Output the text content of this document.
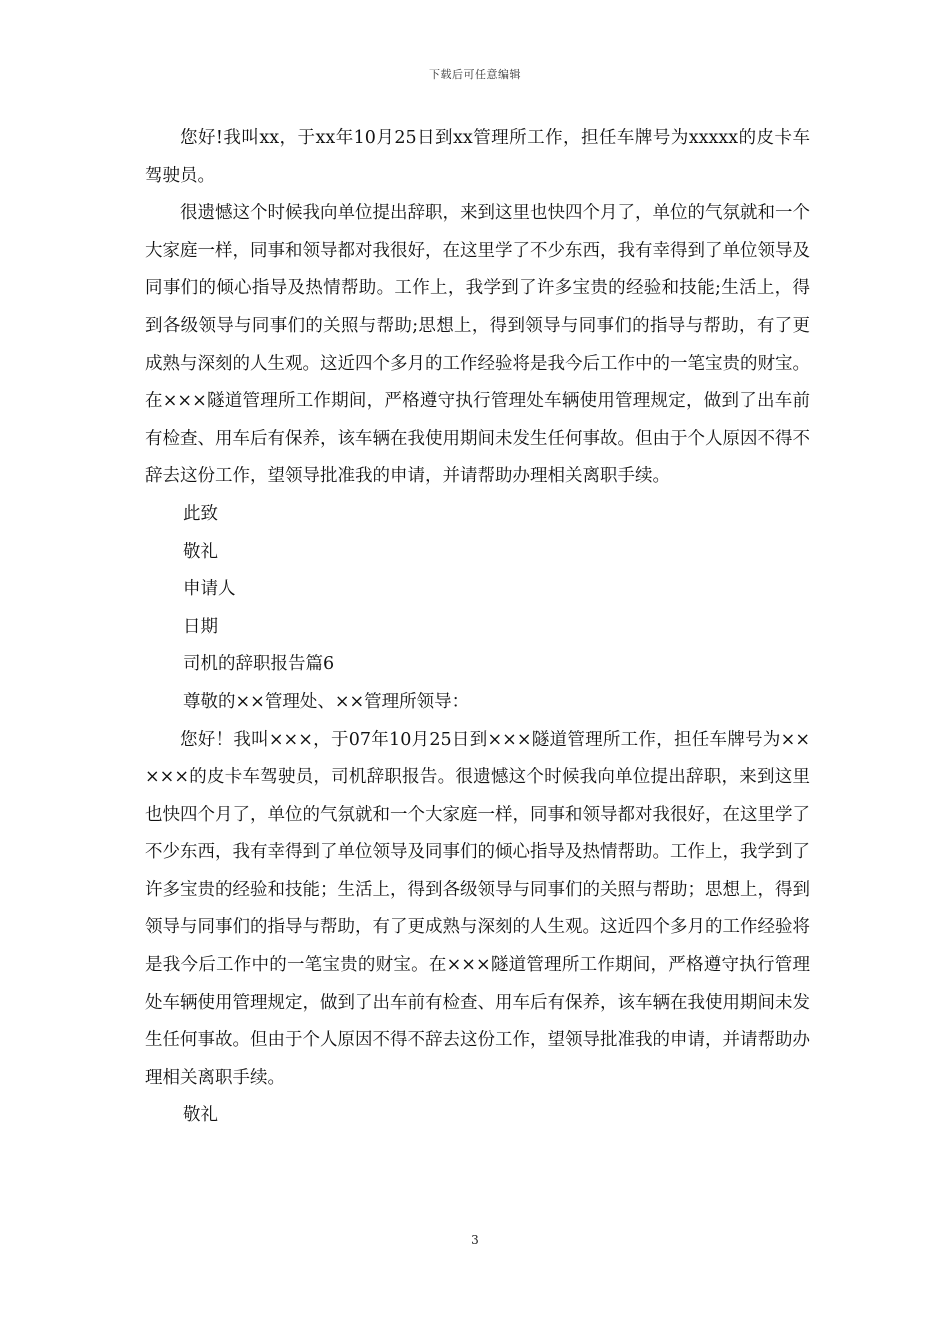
下载后可任意编辑

您好!我叫xx，于xx年10月25日到xx管理所工作，担任车牌号为xxxxx的皮卡车驾驶员。

很遗憾这个时候我向单位提出辞职，来到这里也快四个月了，单位的气氛就和一个大家庭一样，同事和领导都对我很好，在这里学了不少东西，我有幸得到了单位领导及同事们的倾心指导及热情帮助。工作上，我学到了许多宝贵的经验和技能;生活上，得到各级领导与同事们的关照与帮助;思想上，得到领导与同事们的指导与帮助，有了更成熟与深刻的人生观。这近四个多月的工作经验将是我今后工作中的一笔宝贵的财宝。在×××隧道管理所工作期间，严格遵守执行管理处车辆使用管理规定，做到了出车前有检查、用车后有保养，该车辆在我使用期间未发生任何事故。但由于个人原因不得不辞去这份工作，望领导批准我的申请，并请帮助办理相关离职手续。

此致

敬礼

申请人

日期

司机的辞职报告篇6

尊敬的××管理处、××管理所领导：

您好！我叫×××，于07年10月25日到×××隧道管理所工作，担任车牌号为×××××的皮卡车驾驶员，司机辞职报告。很遗憾这个时候我向单位提出辞职，来到这里也快四个月了，单位的气氛就和一个大家庭一样，同事和领导都对我很好，在这里学了不少东西，我有幸得到了单位领导及同事们的倾心指导及热情帮助。工作上，我学到了许多宝贵的经验和技能；生活上，得到各级领导与同事们的关照与帮助；思想上，得到领导与同事们的指导与帮助，有了更成熟与深刻的人生观。这近四个多月的工作经验将是我今后工作中的一笔宝贵的财宝。在×××隧道管理所工作期间，严格遵守执行管理处车辆使用管理规定，做到了出车前有检查、用车后有保养，该车辆在我使用期间未发生任何事故。但由于个人原因不得不辞去这份工作，望领导批准我的申请，并请帮助办理相关离职手续。

敬礼

3
